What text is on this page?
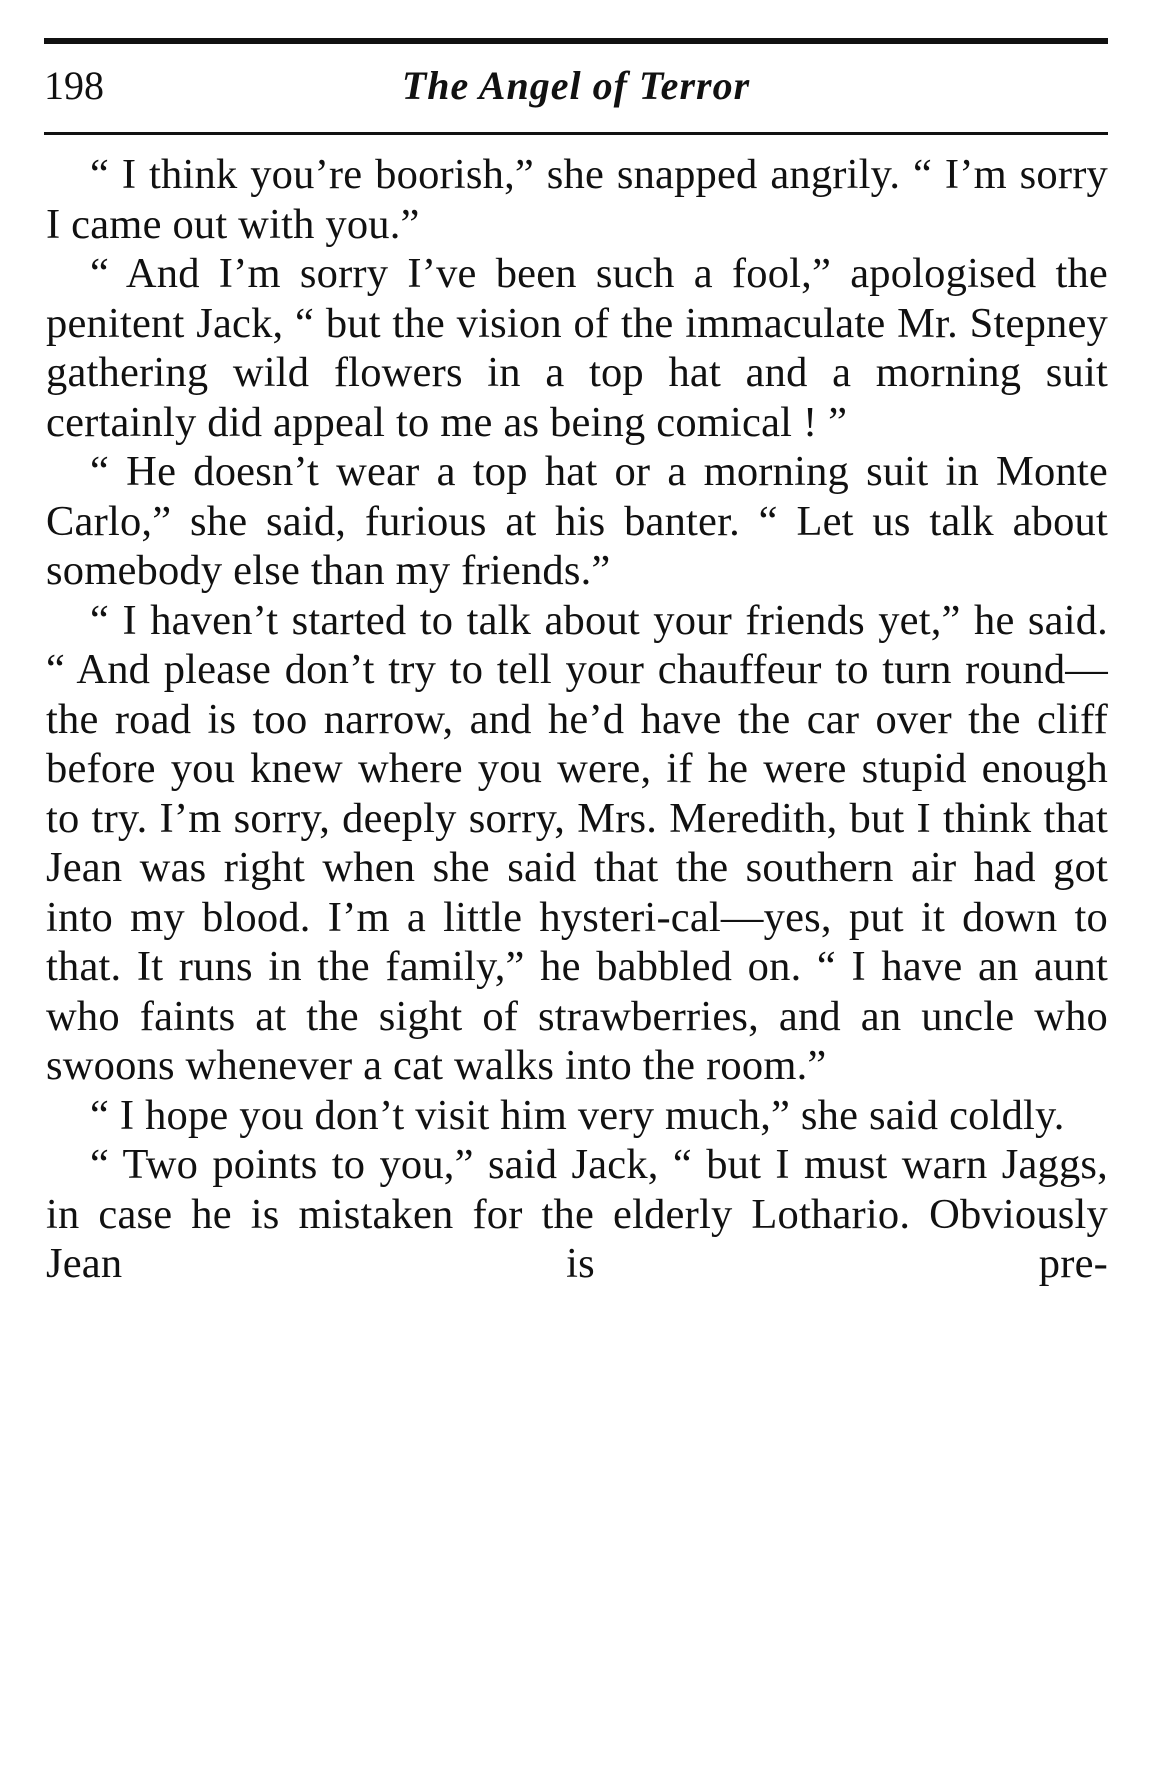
198	The Angel of Terror

“ I think you’re boorish,” she snapped angrily. “ I’m sorry I came out with you.”

“ And I’m sorry I’ve been such a fool,” apologised the penitent Jack, “ but the vision of the immaculate Mr. Stepney gathering wild flowers in a top hat and a morning suit certainly did appeal to me as being comical ! ”

“ He doesn’t wear a top hat or a morning suit in Monte Carlo,” she said, furious at his banter. “ Let us talk about somebody else than my friends.”

“ I haven’t started to talk about your friends yet,” he said. “ And please don’t try to tell your chauffeur to turn round—the road is too narrow, and he’d have the car over the cliff before you knew where you were, if he were stupid enough to try. I’m sorry, deeply sorry, Mrs. Meredith, but I think that Jean was right when she said that the southern air had got into my blood. I’m a little hysteri-cal—yes, put it down to that. It runs in the family,” he babbled on. “ I have an aunt who faints at the sight of strawberries, and an uncle who swoons whenever a cat walks into the room.”

“ I hope you don’t visit him very much,” she said coldly.

“ Two points to you,” said Jack, “ but I must warn Jaggs, in case he is mistaken for the elderly Lothario. Obviously Jean is pre-
